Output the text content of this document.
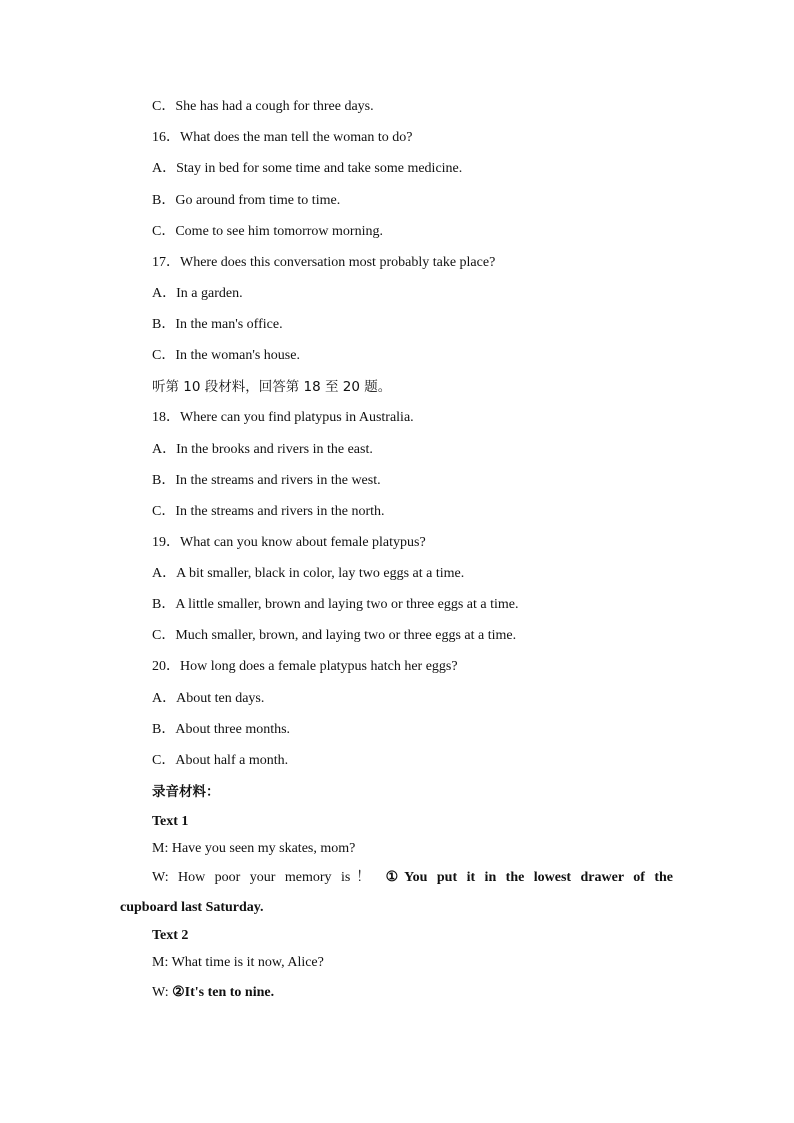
C．She has had a cough for three days.
16．What does the man tell the woman to do?
A．Stay in bed for some time and take some medicine.
B．Go around from time to time.
C．Come to see him tomorrow morning.
17．Where does this conversation most probably take place?
A．In a garden.
B．In the man's office.
C．In the woman's house.
听第 10 段材料，回答第 18 至 20 题。
18．Where can you find platypus in Australia.
A．In the brooks and rivers in the east.
B．In the streams and rivers in the west.
C．In the streams and rivers in the north.
19．What can you know about female platypus?
A．A bit smaller, black in color, lay two eggs at a time.
B．A little smaller, brown and laying two or three eggs at a time.
C．Much smaller, brown, and laying two or three eggs at a time.
20．How long does a female platypus hatch her eggs?
A．About ten days.
B．About three months.
C．About half a month.
录音材料：
Text 1
M: Have you seen my skates, mom?
W: How poor your memory is！ ①You put it in the lowest drawer of the
cupboard last Saturday.
Text 2
M: What time is it now, Alice?
W: ②It's ten to nine.
